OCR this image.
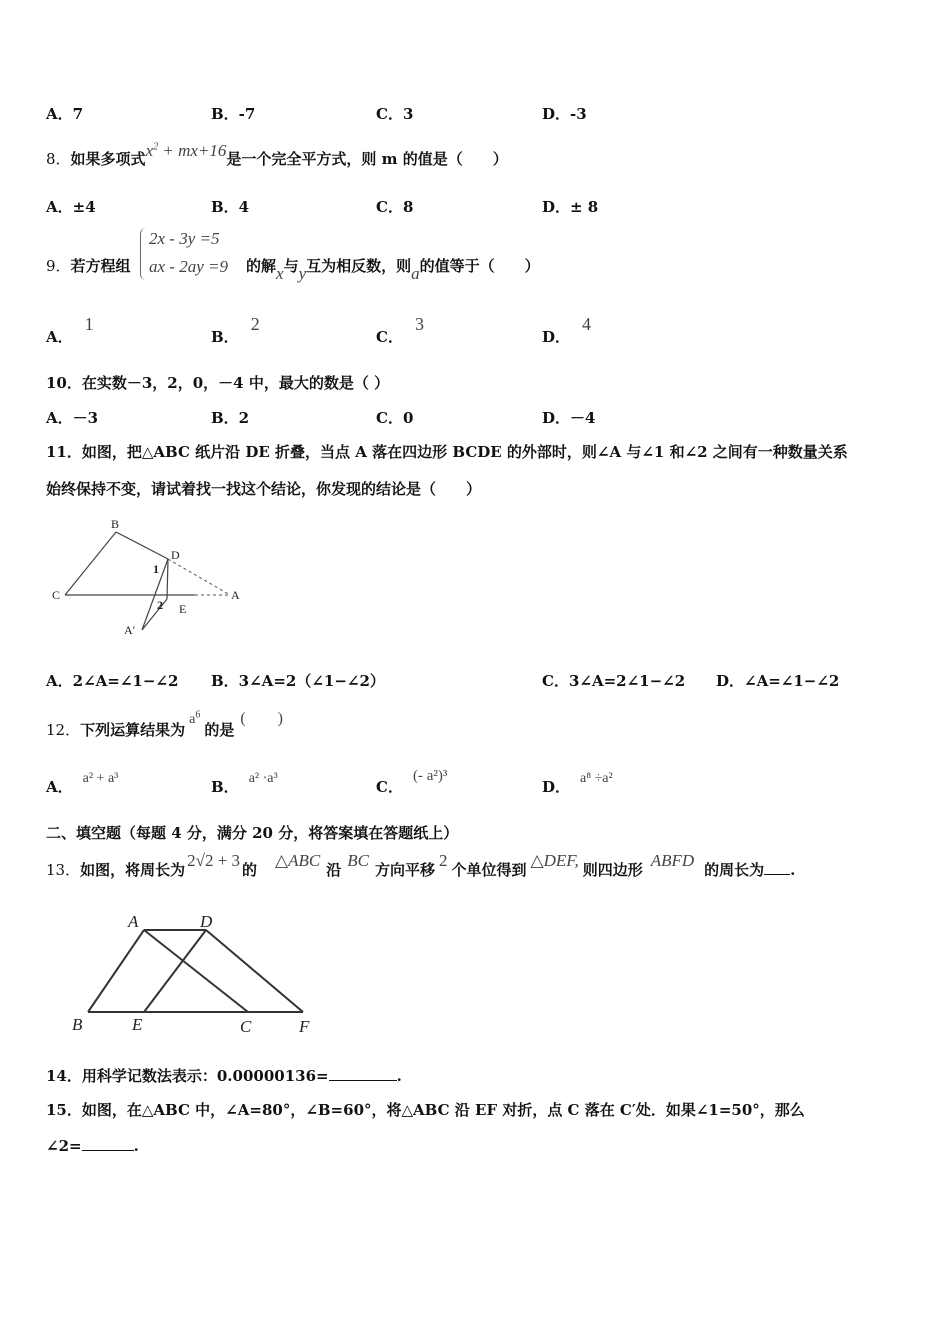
A．7	B．-7	C．3	D．-3
8．如果多项式$x^2 + mx+16$是一个完全平方式，则 m 的值是（　　）
A．±4	B．4	C．8	D．± 8
9．若方程组
2x - 3y =5
ax - 2ay =9 的解x与y互为相反数，则a的值等于（　　）
A．1
B．2
C．3
D．4
10．在实数－3，2，0，－4 中，最大的数是（ ）
A．－3	B．2	C．0	D．－4
11．如图，把△ABC 纸片沿 DE 折叠，当点 A 落在四边形 BCDE 的外部时，则∠A 与∠1 和∠2 之间有一种数量关系
始终保持不变，请试着找一找这个结论，你发现的结论是（　　）
B
C
D
A
E
A′
1
2
A．2∠A=∠1−∠2 B．3∠A=2（∠1−∠2）	C．3∠A=2∠1−∠2 D．∠A=∠1−∠2
12．下列运算结果为$a^6$的是(　　)
A． a² + a³	B． a² ·a³	C．(- a²)³
D． a⁸ ÷a²
二、填空题（每题 4 分，满分 20 分，将答案填在答题纸上）
13．如图，将周长为 2√2 + 3 的 △ABC 沿 BC 方向平移 2 个单位得到 △DEF, 则四边形 ABFD 的周长为 .
A	D
B	E	C	F
14．用科学记数法表示：0.00000136=	.
15．如图，在△ABC 中，∠A=80°，∠B=60°，将△ABC 沿 EF 对折，点 C 落在 C′处．如果∠1=50°，那么
∠2=	.
